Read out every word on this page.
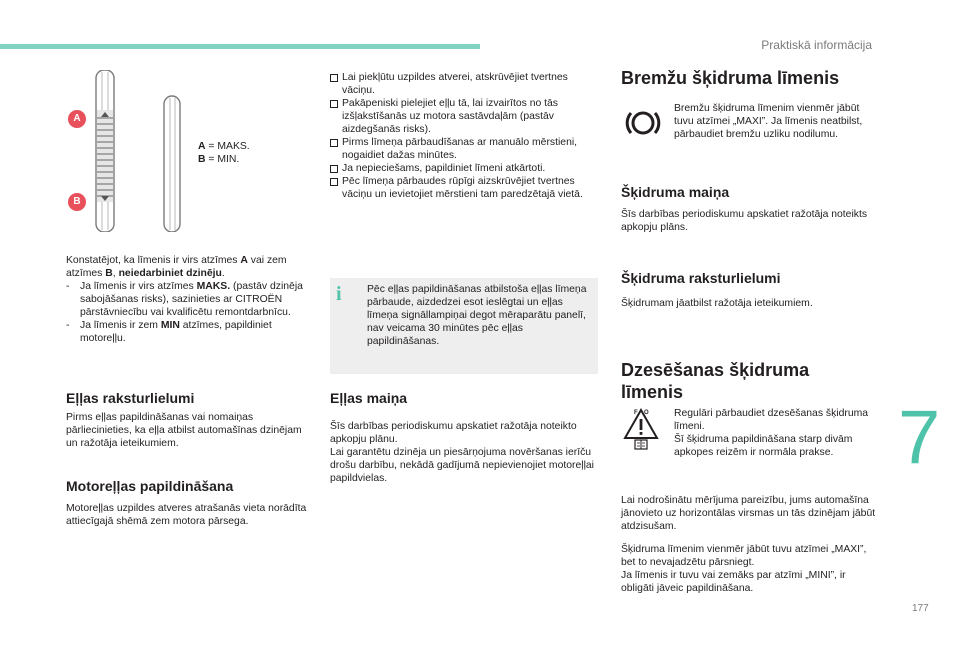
Praktiskā informācija
7
177
A
B
A = MAKS.
B = MIN.
Konstatējot, ka līmenis ir virs atzīmes A vai zem atzīmes B, neiedarbiniet dzinēju.
- Ja līmenis ir virs atzīmes MAKS. (pastāv dzinēja sabojāšanas risks), sazinieties ar CITROËN pārstāvniecību vai kvalificētu remontdarbnīcu.
- Ja līmenis ir zem MIN atzīmes, papildiniet motoreļļu.
Eļļas raksturlielumi
Pirms eļļas papildināšanas vai nomaiņas pārliecinieties, ka eļļa atbilst automašīnas dzinējam un ražotāja ieteikumiem.
Motoreļļas papildināšana
Motoreļļas uzpildes atveres atrašanās vieta norādīta attiecīgajā shēmā zem motora pārsega.
Lai piekļūtu uzpildes atverei, atskrūvējiet tvertnes vāciņu.
Pakāpeniski pielejiet eļļu tā, lai izvairītos no tās izšļakstīšanās uz motora sastāvdaļām (pastāv aizdegšanās risks).
Pirms līmeņa pārbaudīšanas ar manuālo mērstieni, nogaidiet dažas minūtes.
Ja nepieciešams, papildiniet līmeni atkārtoti.
Pēc līmeņa pārbaudes rūpīgi aizskrūvējiet tvertnes vāciņu un ievietojiet mērstieni tam paredzētajā vietā.
i	Pēc eļļas papildināšanas atbilstoša eļļas līmeņa pārbaude, aizdedzei esot ieslēgtai un eļļas līmeņa signāllampiņai degot mēraparātu panelī, nav veicama 30 minūtes pēc eļļas papildināšanas.
Eļļas maiņa
Šīs darbības periodiskumu apskatiet ražotāja noteikto apkopju plānu.
Lai garantētu dzinēja un piesārņojuma novēršanas ierīču drošu darbību, nekādā gadījumā nepievienojiet motoreļļai papildvielas.
Bremžu šķidruma līmenis
Bremžu šķidruma līmenim vienmēr jābūt tuvu atzīmei „MAXI”. Ja līmenis neatbilst, pārbaudiet bremžu uzliku nodilumu.
Šķidruma maiņa
Šīs darbības periodiskumu apskatiet ražotāja noteikts apkopju plāns.
Šķidruma raksturlielumi
Šķidrumam jāatbilst ražotāja ieteikumiem.
Dzesēšanas šķidruma līmenis
F O Regulāri pārbaudiet dzesēšanas šķidruma līmeni.
Šī šķidruma papildināšana starp divām apkopes reizēm ir normāla prakse.
Lai nodrošinātu mērījuma pareizību, jums automašīna jānovieto uz horizontālas virsmas un tās dzinējam jābūt atdzisušam.
Šķidruma līmenim vienmēr jābūt tuvu atzīmei „MAXI”, bet to nevajadzētu pārsniegt.
Ja līmenis ir tuvu vai zemāks par atzīmi „MINI”, ir obligāti jāveic papildināšana.
